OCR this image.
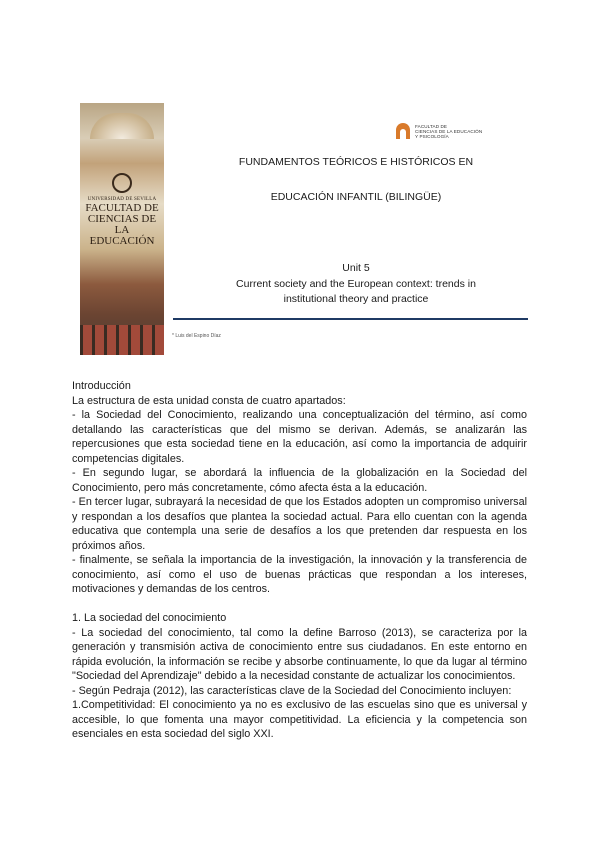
UNIVERSIDAD DE SEVILLA
FACULTAD DE CIENCIAS DE LA EDUCACIÓN
FACULTAD DE
CIENCIAS DE LA EDUCACIÓN
Y PSICOLOGÍA
FUNDAMENTOS TEÓRICOS E HISTÓRICOS EN
EDUCACIÓN INFANTIL (BILINGÜE)
Unit 5
Current society and the European context: trends in
institutional theory and practice
* Luis del Espino Díaz

Introducción

La estructura de esta unidad consta de cuatro apartados:

- la Sociedad del Conocimiento, realizando una conceptualización del término, así como detallando las características que del mismo se derivan. Además, se analizarán las repercusiones que esta sociedad tiene en la educación, así como la importancia de adquirir competencias digitales.

- En segundo lugar, se abordará la influencia de la globalización en la Sociedad del Conocimiento, pero más concretamente, cómo afecta ésta a la educación.

- En tercer lugar, subrayará la necesidad de que los Estados adopten un compromiso universal y respondan a los desafíos que plantea la sociedad actual. Para ello cuentan con la agenda educativa que contempla una serie de desafíos a los que pretenden dar respuesta en los próximos años.

- finalmente, se señala la importancia de la investigación, la innovación y la transferencia de conocimiento, así como el uso de buenas prácticas que respondan a los intereses, motivaciones y demandas de los centros.

1. La sociedad del conocimiento

- La sociedad del conocimiento, tal como la define Barroso (2013), se caracteriza por la generación y transmisión activa de conocimiento entre sus ciudadanos. En este entorno en rápida evolución, la información se recibe y absorbe continuamente, lo que da lugar al término "Sociedad del Aprendizaje" debido a la necesidad constante de actualizar los conocimientos.

- Según Pedraja (2012), las características clave de la Sociedad del Conocimiento incluyen:

1.Competitividad: El conocimiento ya no es exclusivo de las escuelas sino que es universal y accesible, lo que fomenta una mayor competitividad. La eficiencia y la competencia son esenciales en esta sociedad del siglo XXI.
